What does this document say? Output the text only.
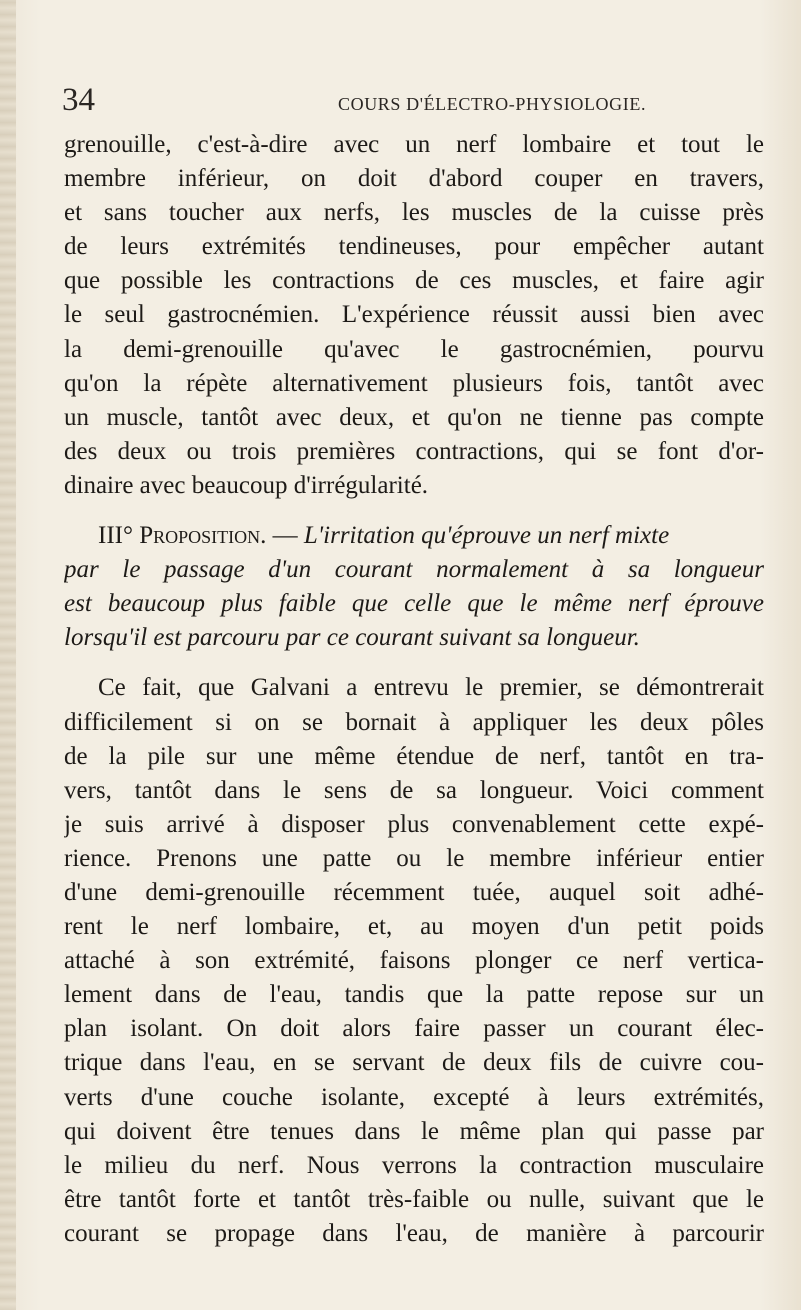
34	COURS D'ÉLECTRO-PHYSIOLOGIE.
grenouille, c'est-à-dire avec un nerf lombaire et tout le
membre inférieur, on doit d'abord couper en travers,
et sans toucher aux nerfs, les muscles de la cuisse près
de leurs extrémités tendineuses, pour empêcher autant
que possible les contractions de ces muscles, et faire agir
le seul gastrocnémien. L'expérience réussit aussi bien avec
la demi-grenouille qu'avec le gastrocnémien, pourvu
qu'on la répète alternativement plusieurs fois, tantôt avec
un muscle, tantôt avec deux, et qu'on ne tienne pas compte
des deux ou trois premières contractions, qui se font d'or-
dinaire avec beaucoup d'irrégularité.
III° Proposition. — L'irritation qu'éprouve un nerf mixte
par le passage d'un courant normalement à sa longueur
est beaucoup plus faible que celle que le même nerf éprouve
lorsqu'il est parcouru par ce courant suivant sa longueur.
Ce fait, que Galvani a entrevu le premier, se démontrerait
difficilement si on se bornait à appliquer les deux pôles
de la pile sur une même étendue de nerf, tantôt en tra-
vers, tantôt dans le sens de sa longueur. Voici comment
je suis arrivé à disposer plus convenablement cette expé-
rience. Prenons une patte ou le membre inférieur entier
d'une demi-grenouille récemment tuée, auquel soit adhé-
rent le nerf lombaire, et, au moyen d'un petit poids
attaché à son extrémité, faisons plonger ce nerf vertica-
lement dans de l'eau, tandis que la patte repose sur un
plan isolant. On doit alors faire passer un courant élec-
trique dans l'eau, en se servant de deux fils de cuivre cou-
verts d'une couche isolante, excepté à leurs extrémités,
qui doivent être tenues dans le même plan qui passe par
le milieu du nerf. Nous verrons la contraction musculaire
être tantôt forte et tantôt très-faible ou nulle, suivant que le
courant se propage dans l'eau, de manière à parcourir
